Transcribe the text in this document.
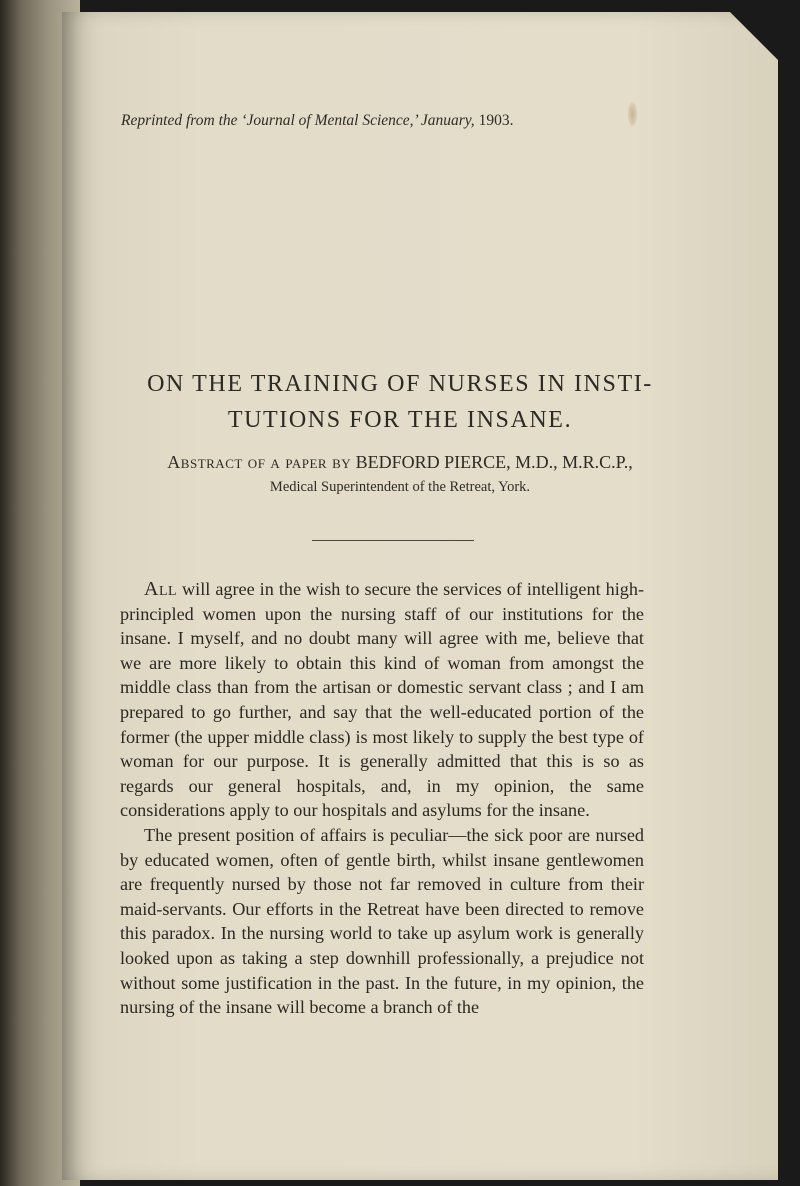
Reprinted from the ‘Journal of Mental Science,’ January, 1903.
ON THE TRAINING OF NURSES IN INSTI-
TUTIONS FOR THE INSANE.
Abstract of a paper by BEDFORD PIERCE, M.D., M.R.C.P.,
Medical Superintendent of the Retreat, York.

All will agree in the wish to secure the services of intelligent high-principled women upon the nursing staff of our institutions for the insane. I myself, and no doubt many will agree with me, believe that we are more likely to obtain this kind of woman from amongst the middle class than from the artisan or domestic servant class ; and I am prepared to go further, and say that the well-educated portion of the former (the upper middle class) is most likely to supply the best type of woman for our purpose. It is generally admitted that this is so as regards our general hospitals, and, in my opinion, the same considerations apply to our hospitals and asylums for the insane.

The present position of affairs is peculiar—the sick poor are nursed by educated women, often of gentle birth, whilst insane gentlewomen are frequently nursed by those not far removed in culture from their maid-servants. Our efforts in the Retreat have been directed to remove this paradox. In the nursing world to take up asylum work is generally looked upon as taking a step downhill professionally, a prejudice not without some justification in the past. In the future, in my opinion, the nursing of the insane will become a branch of the
